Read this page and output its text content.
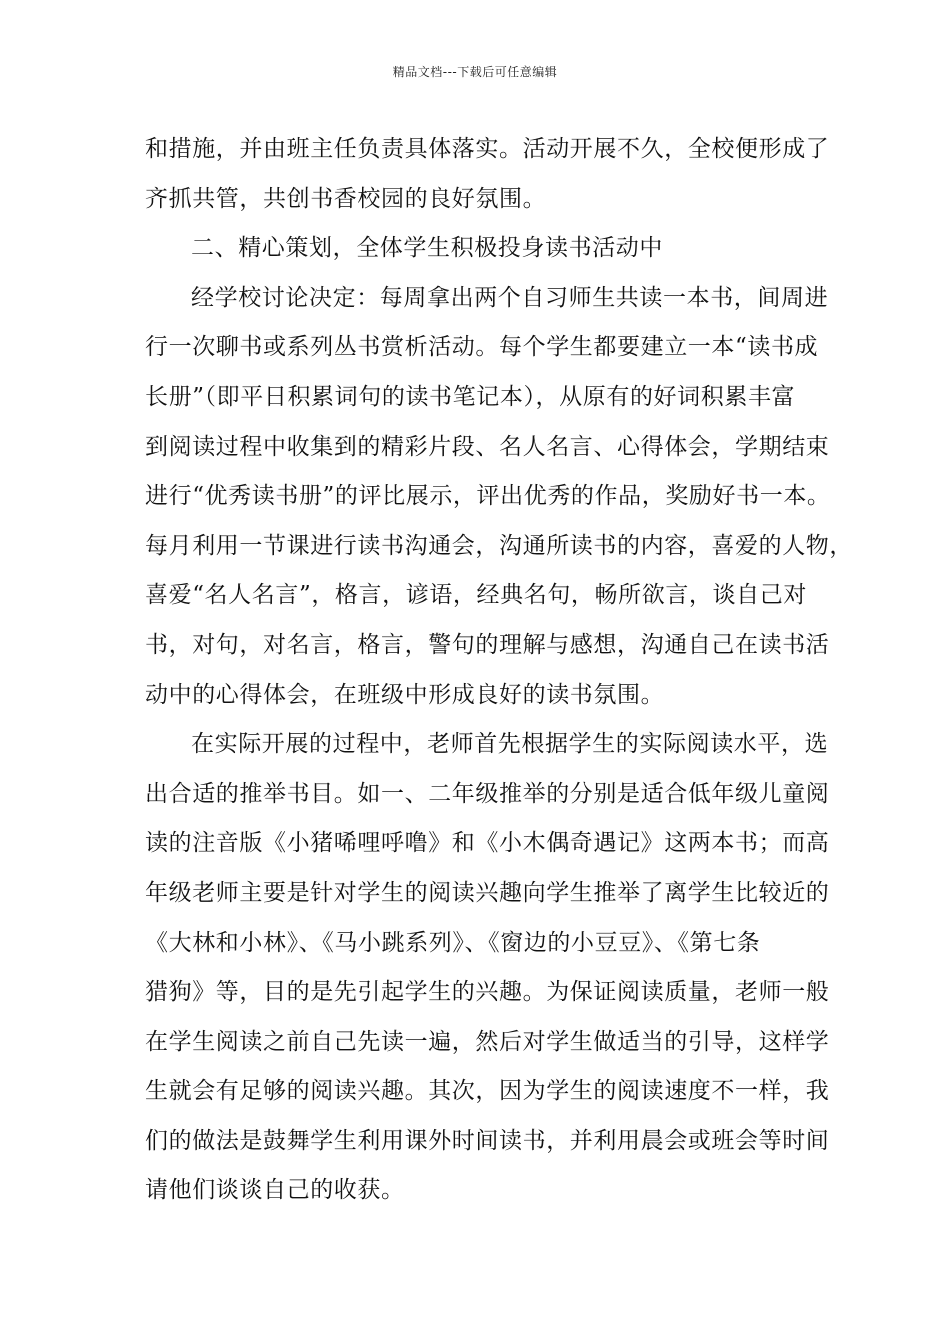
精品文档---下载后可任意编辑
和措施，并由班主任负责具体落实。活动开展不久，全校便形成了
齐抓共管，共创书香校园的良好氛围。
二、精心策划，全体学生积极投身读书活动中
经学校讨论决定：每周拿出两个自习师生共读一本书，间周进
行一次聊书或系列丛书赏析活动。每个学生都要建立一本“读书成
长册”（即平日积累词句的读书笔记本），从原有的好词积累丰富
到阅读过程中收集到的精彩片段、名人名言、心得体会，学期结束
进行“优秀读书册”的评比展示，评出优秀的作品，奖励好书一本。
每月利用一节课进行读书沟通会，沟通所读书的内容，喜爱的人物，
喜爱“名人名言”，格言，谚语，经典名句，畅所欲言，谈自己对
书，对句，对名言，格言，警句的理解与感想，沟通自己在读书活
动中的心得体会，在班级中形成良好的读书氛围。
在实际开展的过程中，老师首先根据学生的实际阅读水平，选
出合适的推举书目。如一、二年级推举的分别是适合低年级儿童阅
读的注音版《小猪唏哩呼噜》和《小木偶奇遇记》这两本书；而高
年级老师主要是针对学生的阅读兴趣向学生推举了离学生比较近的
《大林和小林》、《马小跳系列》、《窗边的小豆豆》、《第七条
猎狗》等，目的是先引起学生的兴趣。为保证阅读质量，老师一般
在学生阅读之前自己先读一遍，然后对学生做适当的引导，这样学
生就会有足够的阅读兴趣。其次，因为学生的阅读速度不一样，我
们的做法是鼓舞学生利用课外时间读书，并利用晨会或班会等时间
请他们谈谈自己的收获。
